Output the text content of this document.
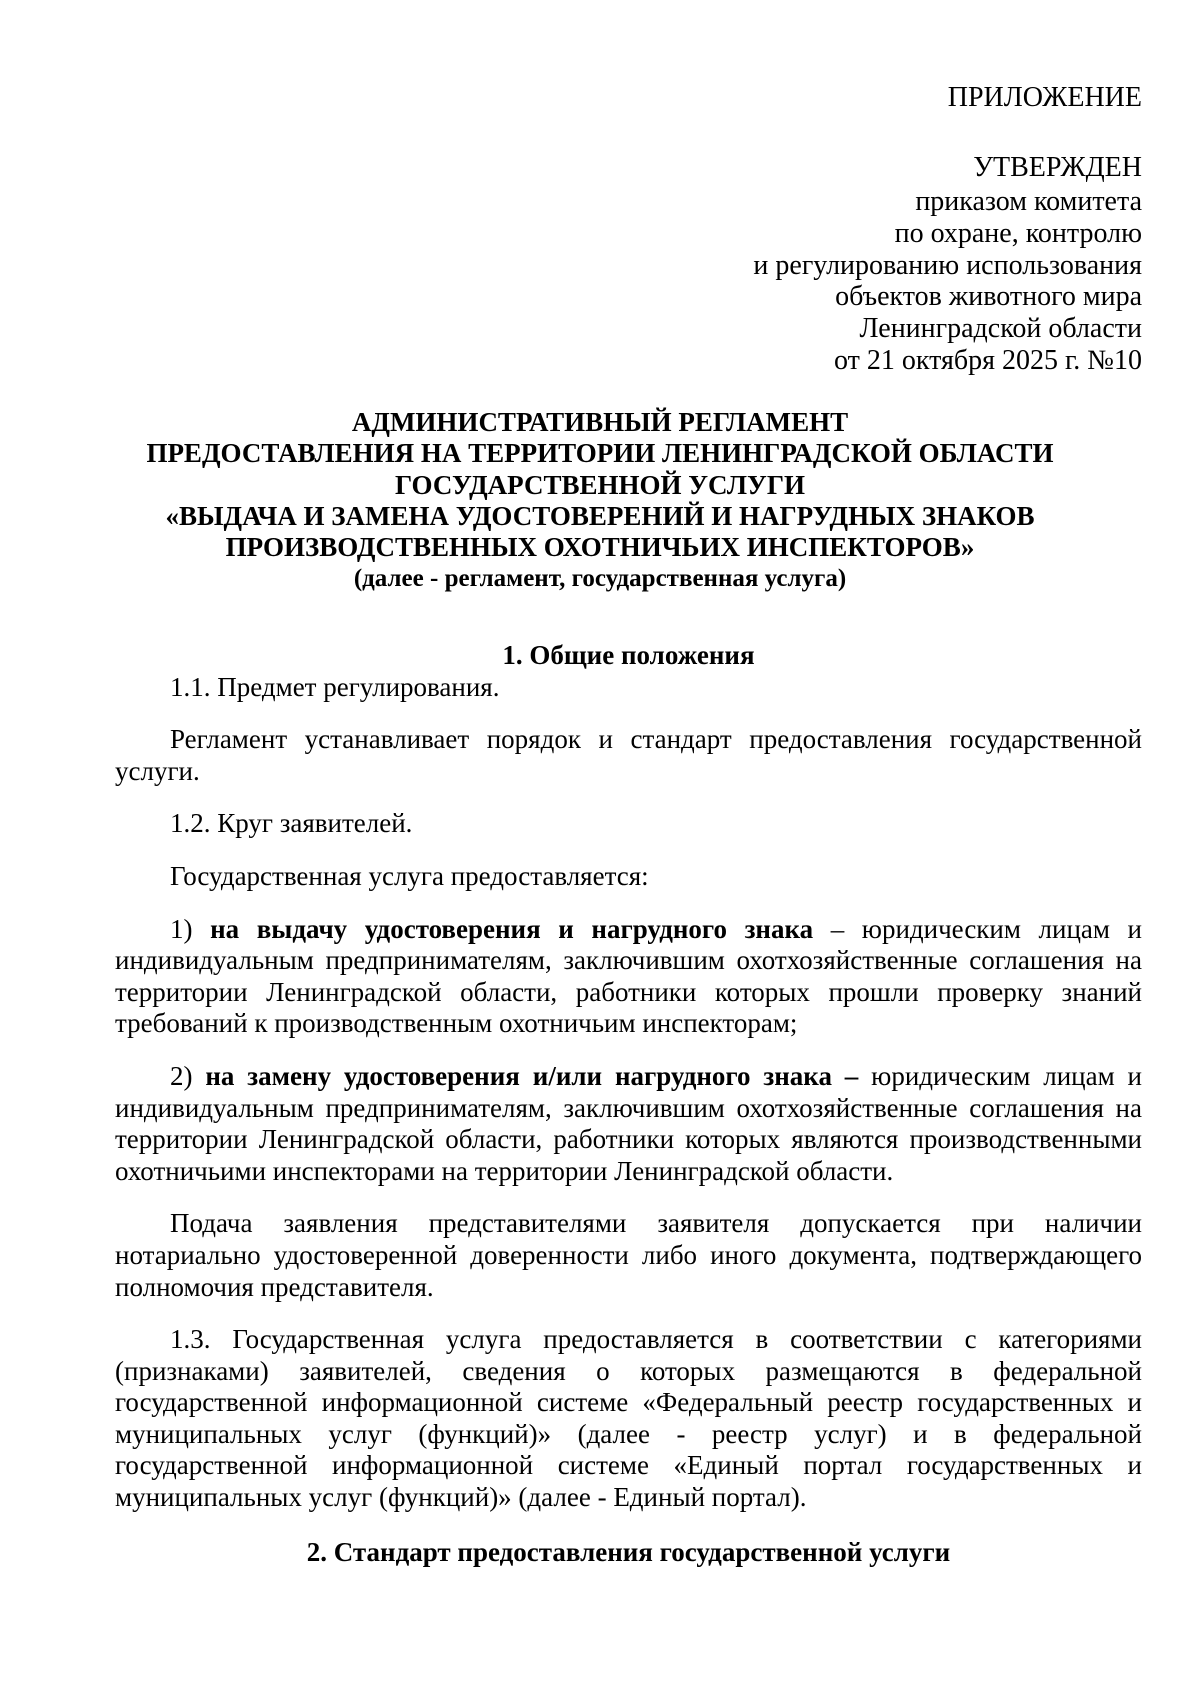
ПРИЛОЖЕНИЕ
УТВЕРЖДЕН
приказом комитета
по охране, контролю
и регулированию использования
объектов животного мира
Ленинградской области
от 21 октября 2025 г. №10
АДМИНИСТРАТИВНЫЙ РЕГЛАМЕНТ
ПРЕДОСТАВЛЕНИЯ НА ТЕРРИТОРИИ ЛЕНИНГРАДСКОЙ ОБЛАСТИ
ГОСУДАРСТВЕННОЙ УСЛУГИ
«ВЫДАЧА И ЗАМЕНА УДОСТОВЕРЕНИЙ И НАГРУДНЫХ ЗНАКОВ
ПРОИЗВОДСТВЕННЫХ ОХОТНИЧЬИХ ИНСПЕКТОРОВ»
(далее - регламент, государственная услуга)
1. Общие положения

1.1. Предмет регулирования.

Регламент устанавливает порядок и стандарт предоставления государственной услуги.

1.2. Круг заявителей.

Государственная услуга предоставляется:

1) на выдачу удостоверения и нагрудного знака – юридическим лицам и индивидуальным предпринимателям, заключившим охотхозяйственные соглашения на территории Ленинградской области, работники которых прошли проверку знаний требований к производственным охотничьим инспекторам;

2) на замену удостоверения и/или нагрудного знака – юридическим лицам и индивидуальным предпринимателям, заключившим охотхозяйственные соглашения на территории Ленинградской области, работники которых являются производственными охотничьими инспекторами на территории Ленинградской области.

Подача заявления представителями заявителя допускается при наличии нотариально удостоверенной доверенности либо иного документа, подтверждающего полномочия представителя.

1.3. Государственная услуга предоставляется в соответствии с категориями (признаками) заявителей, сведения о которых размещаются в федеральной государственной информационной системе «Федеральный реестр государственных и муниципальных услуг (функций)» (далее - реестр услуг) и в федеральной государственной информационной системе «Единый портал государственных и муниципальных услуг (функций)» (далее - Единый портал).

2. Стандарт предоставления государственной услуги
